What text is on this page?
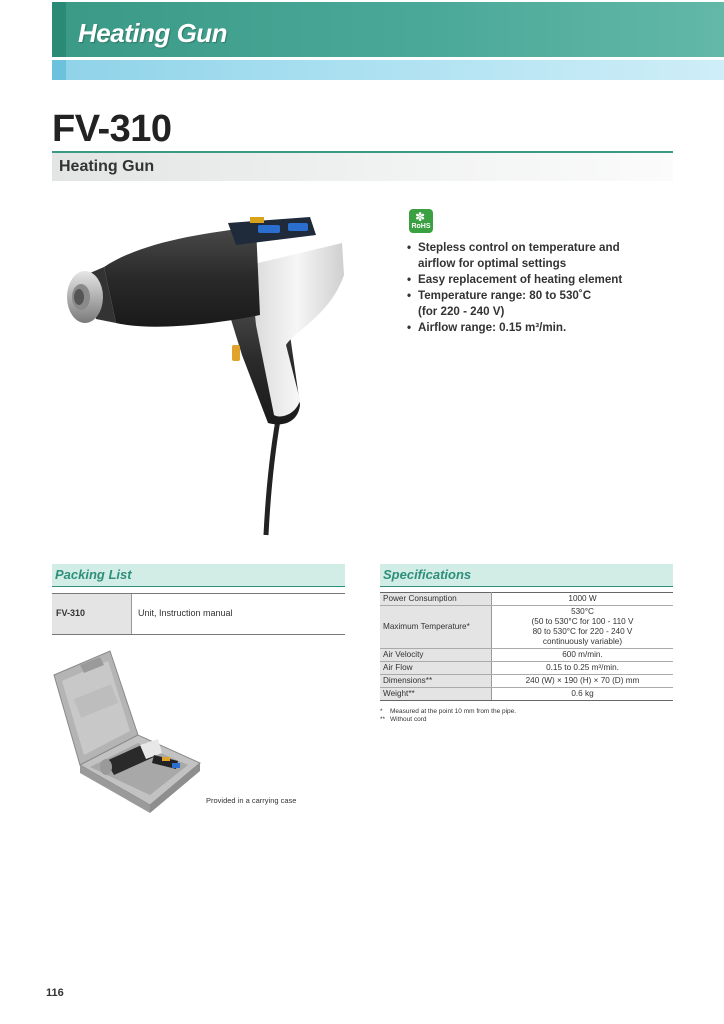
Heating Gun
FV-310
Heating Gun
✽
RoHS
• Stepless control on temperature and
airflow for optimal settings
• Easy replacement of heating element
• Temperature range: 80 to 530˚C
(for 220 - 240 V)
• Airflow range: 0.15 m³/min.
Packing List
FV-310	Unit, Instruction manual
Provided in a carrying case
Specifications
Power Consumption	1000 W

Maximum Temperature*	530°C
(50 to 530°C for 100 - 110 V
80 to 530°C for 220 - 240 V
continuously variable)

Air Velocity	600 m/min.

Air Flow	0.15 to 0.25 m³/min.

Dimensions**	240 (W) × 190 (H) × 70 (D) mm

Weight**	0.6 kg
*	Measured at the point 10 mm from the pipe.
** Without cord
116
